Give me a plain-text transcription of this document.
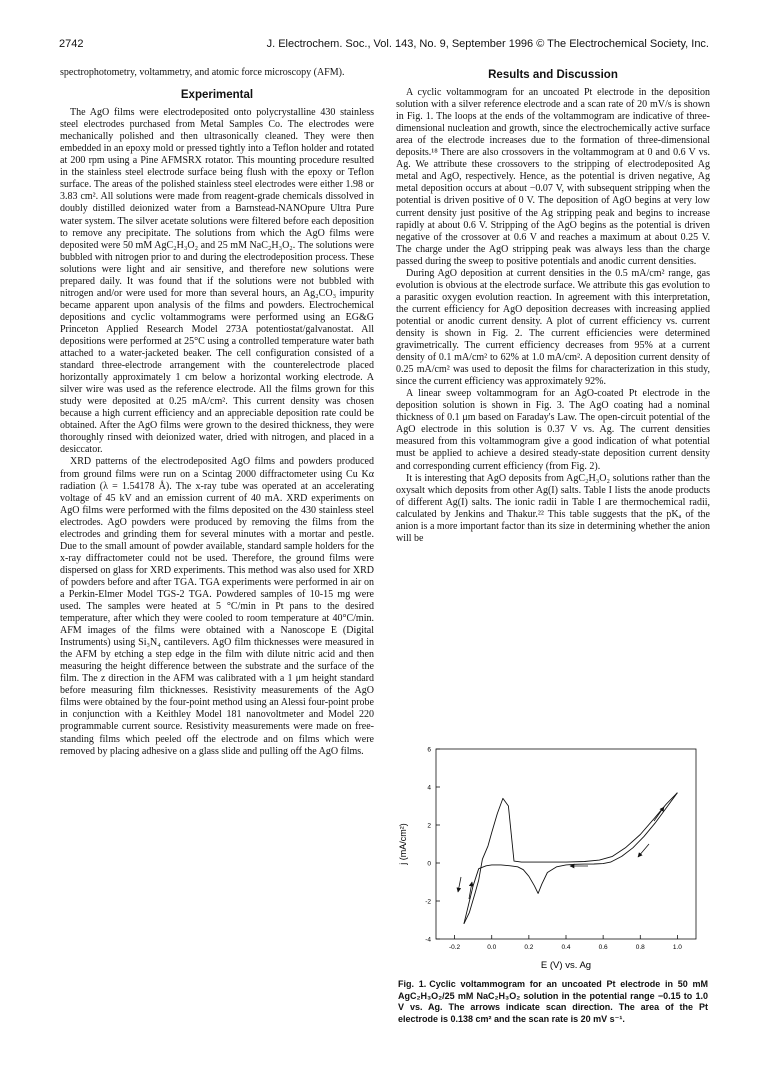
2742	J. Electrochem. Soc., Vol. 143, No. 9, September 1996 © The Electrochemical Society, Inc.

spectrophotometry, voltammetry, and atomic force microscopy (AFM).

Experimental

The AgO films were electrodeposited onto polycrystalline 430 stainless steel electrodes purchased from Metal Samples Co. The electrodes were mechanically polished and then ultrasonically cleaned. They were then embedded in an epoxy mold or pressed tightly into a Teflon holder and rotated at 200 rpm using a Pine AFMSRX rotator. This mounting procedure resulted in the stainless steel electrode surface being flush with the epoxy or Teflon surface. The areas of the polished stainless steel electrodes were either 1.98 or 3.83 cm². All solutions were made from reagent-grade chemicals dissolved in doubly distilled deionized water from a Barnstead-NANOpure Ultra Pure water system. The silver acetate solutions were filtered before each deposition to remove any precipitate. The solutions from which the AgO films were deposited were 50 mM AgC₂H₃O₂ and 25 mM NaC₂H₃O₂. The solutions were bubbled with nitrogen prior to and during the electrodeposition process. These solutions were light and air sensitive, and therefore new solutions were prepared daily. It was found that if the solutions were not bubbled with nitrogen and/or were used for more than several hours, an Ag₂CO₃ impurity became apparent upon analysis of the films and powders. Electrochemical depositions and cyclic voltammograms were performed using an EG&G Princeton Applied Research Model 273A potentiostat/galvanostat. All depositions were performed at 25°C using a controlled temperature water bath attached to a water-jacketed beaker. The cell configuration consisted of a standard three-electrode arrangement with the counterelectrode placed horizontally approximately 1 cm below a horizontal working electrode. A silver wire was used as the reference electrode. All the films grown for this study were deposited at 0.25 mA/cm². This current density was chosen because a high current efficiency and an appreciable deposition rate could be obtained. After the AgO films were grown to the desired thickness, they were thoroughly rinsed with deionized water, dried with nitrogen, and placed in a desiccator.

XRD patterns of the electrodeposited AgO films and powders produced from ground films were run on a Scintag 2000 diffractometer using Cu Kα radiation (λ = 1.54178 Å). The x-ray tube was operated at an accelerating voltage of 45 kV and an emission current of 40 mA. XRD experiments on AgO films were performed with the films deposited on the 430 stainless steel electrodes. AgO powders were produced by removing the films from the electrodes and grinding them for several minutes with a mortar and pestle. Due to the small amount of powder available, standard sample holders for the x-ray diffractometer could not be used. Therefore, the ground films were dispersed on glass for XRD experiments. This method was also used for XRD of powders before and after TGA. TGA experiments were performed in air on a Perkin-Elmer Model TGS-2 TGA. Powdered samples of 10-15 mg were used. The samples were heated at 5 °C/min in Pt pans to the desired temperature, after which they were cooled to room temperature at 40°C/min. AFM images of the films were obtained with a Nanoscope E (Digital Instruments) using Si₃N₄ cantilevers. AgO film thicknesses were measured in the AFM by etching a step edge in the film with dilute nitric acid and then measuring the height difference between the substrate and the surface of the film. The z direction in the AFM was calibrated with a 1 μm height standard before measuring film thicknesses. Resistivity measurements of the AgO films were obtained by the four-point method using an Alessi four-point probe in conjunction with a Keithley Model 181 nanovoltmeter and Model 220 programmable current source. Resistivity measurements were made on free-standing films which peeled off the electrode and on films which were removed by placing adhesive on a glass slide and pulling off the AgO films.

Results and Discussion

A cyclic voltammogram for an uncoated Pt electrode in the deposition solution with a silver reference electrode and a scan rate of 20 mV/s is shown in Fig. 1. The loops at the ends of the voltammogram are indicative of three-dimensional nucleation and growth, since the electrochemically active surface area of the electrode increases due to the formation of three-dimensional deposits.¹⁸ There are also crossovers in the voltammogram at 0 and 0.6 V vs. Ag. We attribute these crossovers to the stripping of electrodeposited Ag metal and AgO, respectively. Hence, as the potential is driven negative, Ag metal deposition occurs at about −0.07 V, with subsequent stripping when the potential is driven positive of 0 V. The deposition of AgO begins at very low current density just positive of the Ag stripping peak and begins to increase rapidly at about 0.6 V. Stripping of the AgO begins as the potential is driven negative of the crossover at 0.6 V and reaches a maximum at about 0.25 V. The charge under the AgO stripping peak was always less than the charge passed during the sweep to positive potentials and anodic current densities.

During AgO deposition at current densities in the 0.5 mA/cm² range, gas evolution is obvious at the electrode surface. We attribute this gas evolution to a parasitic oxygen evolution reaction. In agreement with this interpretation, the current efficiency for AgO deposition decreases with increasing applied potential or anodic current density. A plot of current efficiency vs. current density is shown in Fig. 2. The current efficiencies were determined gravimetrically. The current efficiency decreases from 95% at a current density of 0.1 mA/cm² to 62% at 1.0 mA/cm². A deposition current density of 0.25 mA/cm² was used to deposit the films for characterization in this study, since the current efficiency was approximately 92%.

A linear sweep voltammogram for an AgO-coated Pt electrode in the deposition solution is shown in Fig. 3. The AgO coating had a nominal thickness of 0.1 μm based on Faraday's Law. The open-circuit potential of the AgO electrode in this solution is 0.37 V vs. Ag. The current densities measured from this voltammogram give a good indication of what potential must be applied to achieve a desired steady-state deposition current density and corresponding current efficiency (from Fig. 2).

It is interesting that AgO deposits from AgC₂H₃O₂ solutions rather than the oxysalt which deposits from other Ag(I) salts. Table I lists the anode products of different Ag(I) salts. The ionic radii in Table I are thermochemical radii, calculated by Jenkins and Thakur.²² This table suggests that the pKₐ of the anion is a more important factor than its size in determining whether the anion will be

-0.2	0.0	0.2	0.4	0.6	0.8	1.0
-4
-2
0
2
4
6
j (mA/cm²)
E (V) vs. Ag
Fig. 1. Cyclic voltammogram for an uncoated Pt electrode in 50 mM AgC₂H₃O₂/25 mM NaC₂H₃O₂ solution in the potential range −0.15 to 1.0 V vs. Ag. The arrows indicate scan direction. The area of the Pt electrode is 0.138 cm² and the scan rate is 20 mV s⁻¹.
